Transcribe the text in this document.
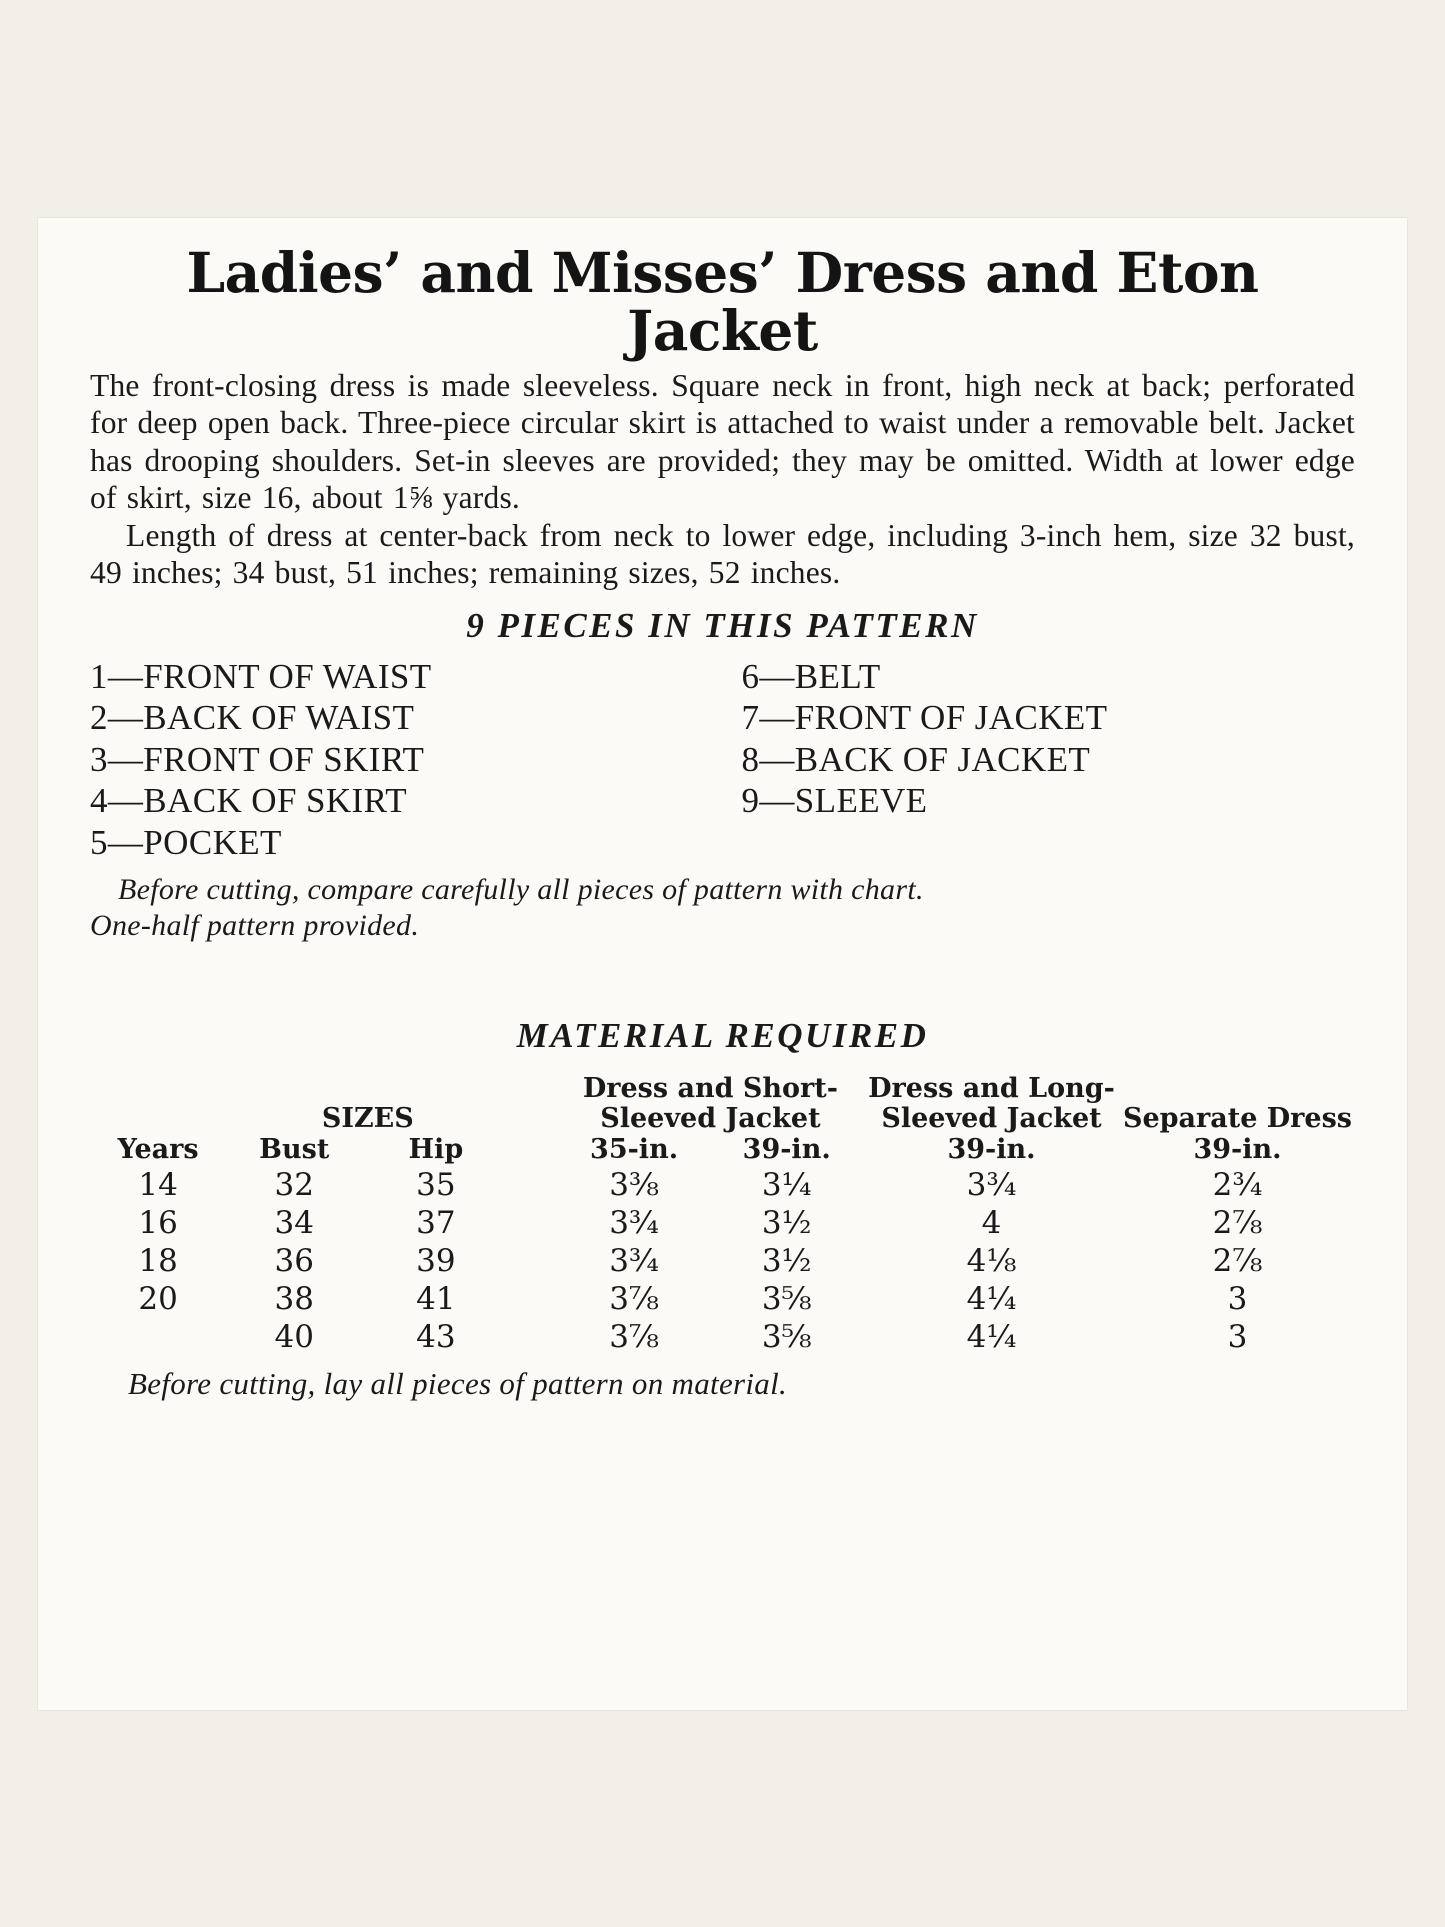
Ladies’ and Misses’ Dress and Eton Jacket

The front-closing dress is made sleeveless. Square neck in front, high neck at back; perforated for deep open back. Three-piece circular skirt is attached to waist under a removable belt. Jacket has drooping shoulders. Set-in sleeves are provided; they may be omitted. Width at lower edge of skirt, size 16, about 1⅝ yards.

Length of dress at center-back from neck to lower edge, including 3-inch hem, size 32 bust, 49 inches; 34 bust, 51 inches; remaining sizes, 52 inches.

9 PIECES IN THIS PATTERN
1—FRONT OF WAIST
2—BACK OF WAIST
3—FRONT OF SKIRT
4—BACK OF SKIRT
5—POCKET
6—BELT
7—FRONT OF JACKET
8—BACK OF JACKET
9—SLEEVE
Before cutting, compare carefully all pieces of pattern with chart.
One-half pattern provided.
MATERIAL REQUIRED
	SIZES			Dress and Short-Sleeved Jacket		Dress and Long-Sleeved Jacket	Separate Dress
Years	Bust	Hip		35-in.	39-in.	39-in.	39-in.
14	32	35		3⅜	3¼	3¾	2¾
16	34	37		3¾	3½	4	2⅞
18	36	39		3¾	3½	4⅛	2⅞
20	38	41		3⅞	3⅝	4¼	3
	40	43		3⅞	3⅝	4¼	3
Before cutting, lay all pieces of pattern on material.
